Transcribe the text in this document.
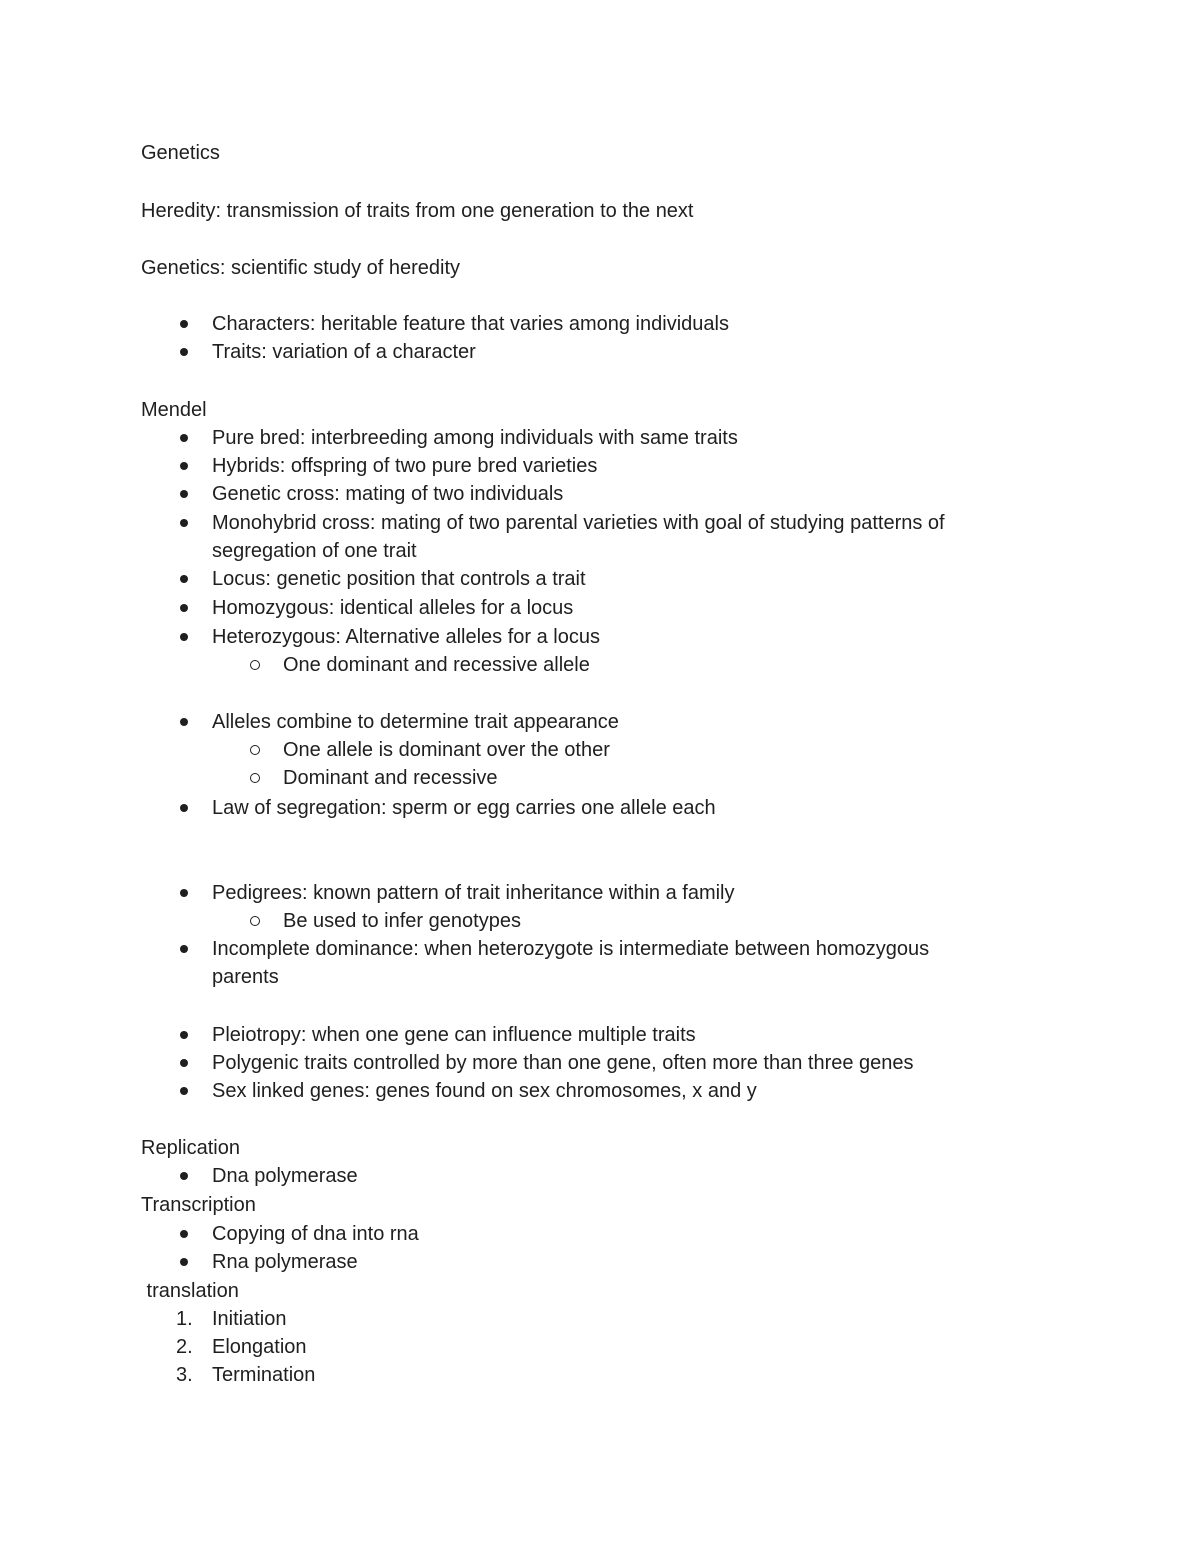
Genetics
Heredity: transmission of traits from one generation to the next
Genetics: scientific study of heredity
Characters: heritable feature that varies among individuals
Traits: variation of a character
Mendel
Pure bred: interbreeding among individuals with same traits
Hybrids: offspring of two pure bred varieties
Genetic cross: mating of two individuals
Monohybrid cross: mating of two parental varieties with goal of studying patterns of
segregation of one trait
Locus: genetic position that controls a trait
Homozygous: identical alleles for a locus
Heterozygous: Alternative alleles for a locus
One dominant and recessive allele
Alleles combine to determine trait appearance
One allele is dominant over the other
Dominant and recessive
Law of segregation: sperm or egg carries one allele each
Pedigrees: known pattern of trait inheritance within a family
Be used to infer genotypes
Incomplete dominance: when heterozygote is intermediate between homozygous
parents
Pleiotropy: when one gene can influence multiple traits
Polygenic traits controlled by more than one gene, often more than three genes
Sex linked genes: genes found on sex chromosomes, x and y
Replication
Dna polymerase
Transcription
Copying of dna into rna
Rna polymerase
translation
1. Initiation
2. Elongation
3. Termination
